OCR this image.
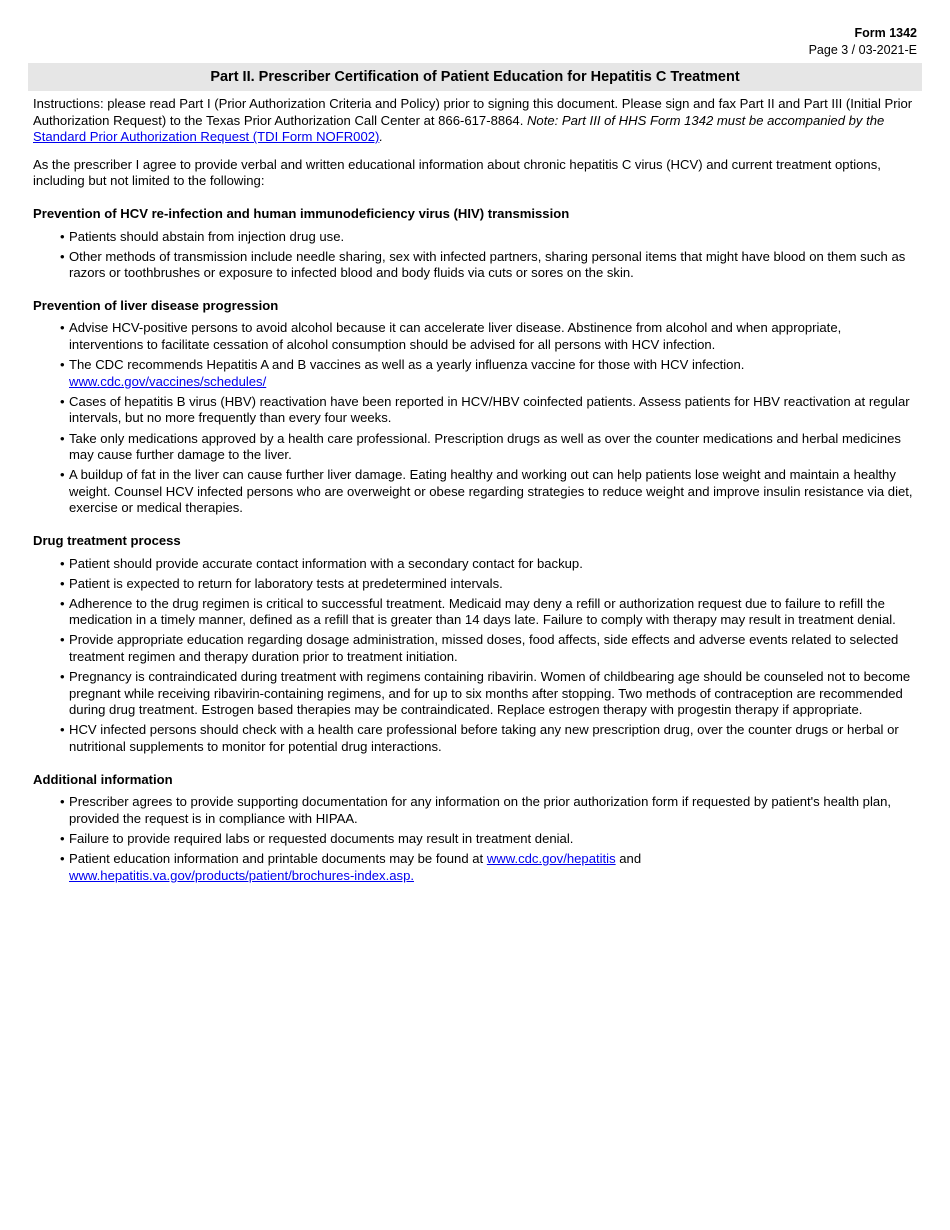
Form 1342
Page 3 / 03-2021-E
Part II. Prescriber Certification of Patient Education for Hepatitis C Treatment

Instructions: please read Part I (Prior Authorization Criteria and Policy) prior to signing this document. Please sign and fax Part II and Part III (Initial Prior Authorization Request) to the Texas Prior Authorization Call Center at 866-617-8864. Note: Part III of HHS Form 1342 must be accompanied by the Standard Prior Authorization Request (TDI Form NOFR002).

As the prescriber I agree to provide verbal and written educational information about chronic hepatitis C virus (HCV) and current treatment options, including but not limited to the following:

Prevention of HCV re-infection and human immunodeficiency virus (HIV) transmission
• Patients should abstain from injection drug use.
• Other methods of transmission include needle sharing, sex with infected partners, sharing personal items that might have blood on them such as razors or toothbrushes or exposure to infected blood and body fluids via cuts or sores on the skin.
Prevention of liver disease progression
• Advise HCV-positive persons to avoid alcohol because it can accelerate liver disease. Abstinence from alcohol and when appropriate, interventions to facilitate cessation of alcohol consumption should be advised for all persons with HCV infection.
• The CDC recommends Hepatitis A and B vaccines as well as a yearly influenza vaccine for those with HCV infection.
www.cdc.gov/vaccines/schedules/
• Cases of hepatitis B virus (HBV) reactivation have been reported in HCV/HBV coinfected patients. Assess patients for HBV reactivation at regular intervals, but no more frequently than every four weeks.
• Take only medications approved by a health care professional. Prescription drugs as well as over the counter medications and herbal medicines may cause further damage to the liver.
• A buildup of fat in the liver can cause further liver damage. Eating healthy and working out can help patients lose weight and maintain a healthy weight. Counsel HCV infected persons who are overweight or obese regarding strategies to reduce weight and improve insulin resistance via diet, exercise or medical therapies.
Drug treatment process
• Patient should provide accurate contact information with a secondary contact for backup.
• Patient is expected to return for laboratory tests at predetermined intervals.
• Adherence to the drug regimen is critical to successful treatment. Medicaid may deny a refill or authorization request due to failure to refill the medication in a timely manner, defined as a refill that is greater than 14 days late. Failure to comply with therapy may result in treatment denial.
• Provide appropriate education regarding dosage administration, missed doses, food affects, side effects and adverse events related to selected treatment regimen and therapy duration prior to treatment initiation.
• Pregnancy is contraindicated during treatment with regimens containing ribavirin. Women of childbearing age should be counseled not to become pregnant while receiving ribavirin-containing regimens, and for up to six months after stopping. Two methods of contraception are recommended during drug treatment. Estrogen based therapies may be contraindicated. Replace estrogen therapy with progestin therapy if appropriate.
• HCV infected persons should check with a health care professional before taking any new prescription drug, over the counter drugs or herbal or nutritional supplements to monitor for potential drug interactions.
Additional information
• Prescriber agrees to provide supporting documentation for any information on the prior authorization form if requested by patient's health plan, provided the request is in compliance with HIPAA.
• Failure to provide required labs or requested documents may result in treatment denial.
• Patient education information and printable documents may be found at www.cdc.gov/hepatitis and www.hepatitis.va.gov/products/patient/brochures-index.asp.
